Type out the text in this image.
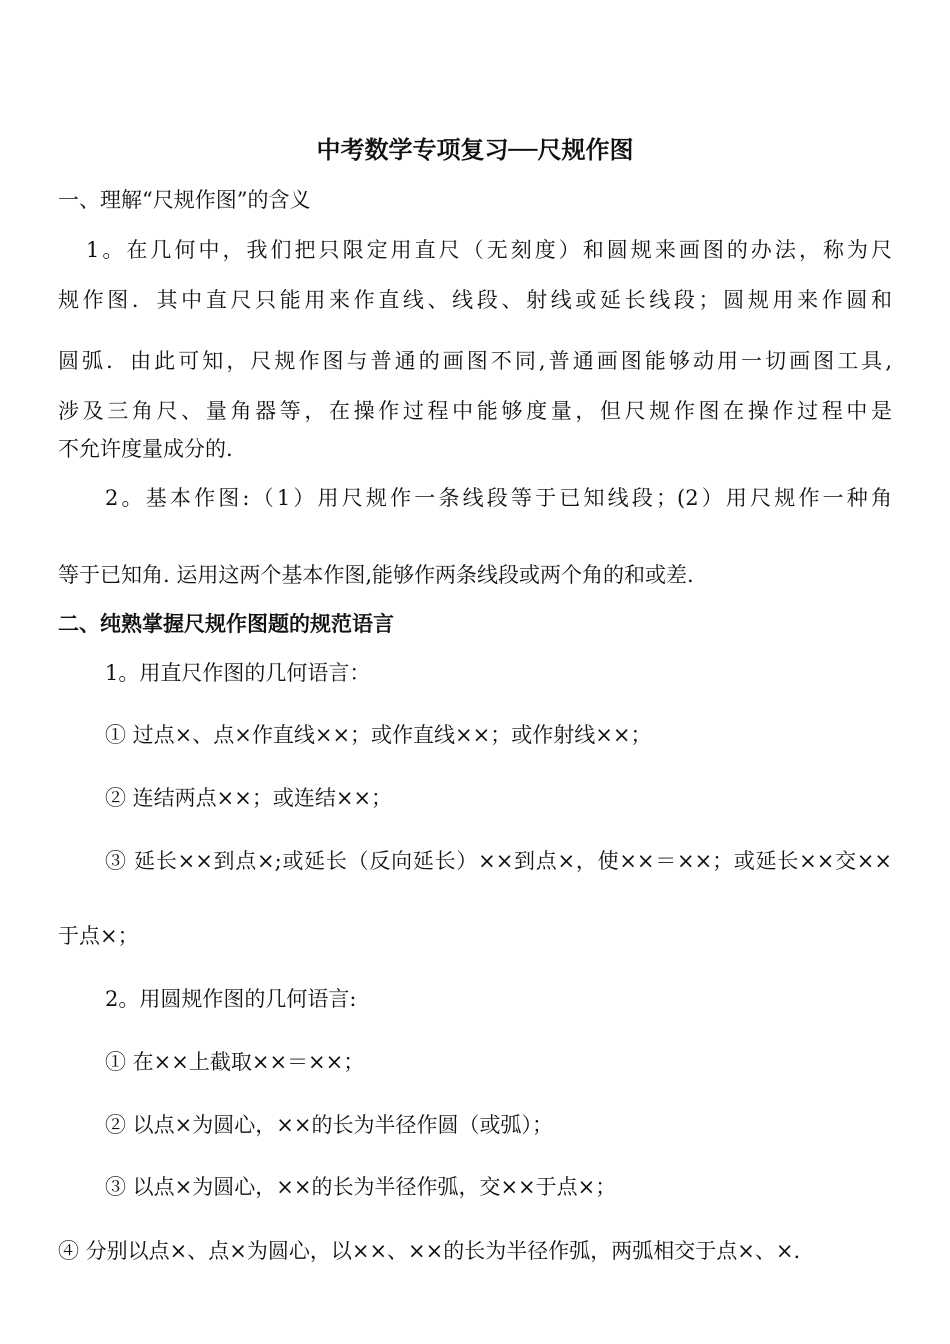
中考数学专项复习──尺规作图
一、理解“尺规作图”的含义
1。在几何中，我们把只限定用直尺（无刻度）和圆规来画图的办法，称为尺
规作图．其中直尺只能用来作直线、线段、射线或延长线段；圆规用来作圆和
圆弧．由此可知，尺规作图与普通的画图不同,普通画图能够动用一切画图工具,
涉及三角尺、量角器等，在操作过程中能够度量，但尺规作图在操作过程中是
不允许度量成分的.
2。基本作图:（1）用尺规作一条线段等于已知线段；(2）用尺规作一种角
等于已知角. 运用这两个基本作图,能够作两条线段或两个角的和或差.
二、纯熟掌握尺规作图题的规范语言
1。用直尺作图的几何语言：
① 过点×、点×作直线××；或作直线××；或作射线××；
② 连结两点××；或连结××；
③ 延长××到点×;或延长（反向延长）××到点×，使××＝××；或延长××交××
于点×；
2。用圆规作图的几何语言:
① 在××上截取××＝××；
② 以点×为圆心，××的长为半径作圆（或弧）；
③ 以点×为圆心，××的长为半径作弧，交××于点×；
④ 分别以点×、点×为圆心，以××、××的长为半径作弧，两弧相交于点×、×.
